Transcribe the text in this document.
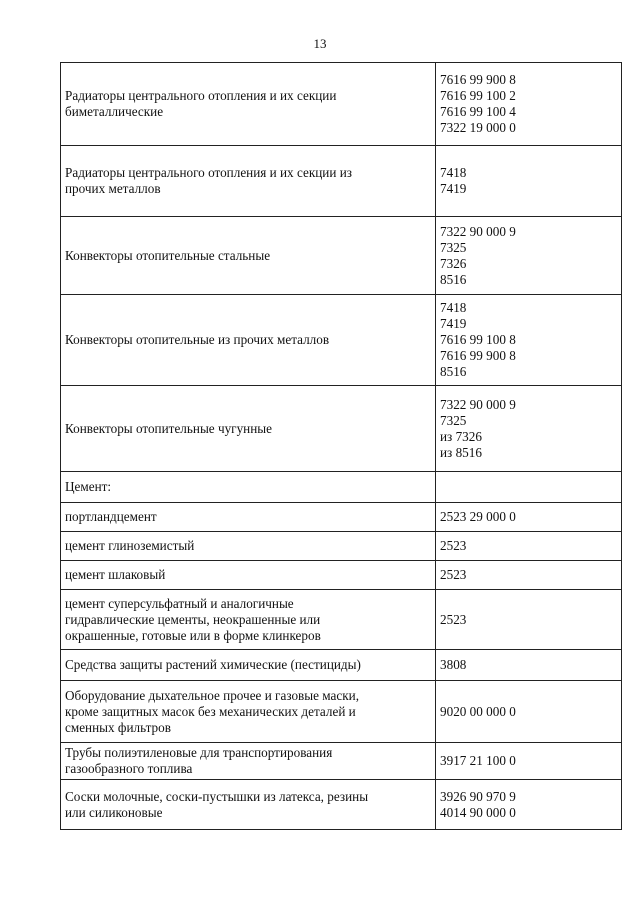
13
Радиаторы центрального отопления и их секции
биметаллические	7616 99 900 8
7616 99 100 2
7616 99 100 4
7322 19 000 0

Радиаторы центрального отопления и их секции из
прочих металлов	7418
7419

Конвекторы отопительные стальные	7322 90 000 9
7325
7326
8516

Конвекторы отопительные из прочих металлов	7418
7419
7616 99 100 8
7616 99 900 8
8516

Конвекторы отопительные чугунные	7322 90 000 9
7325
из 7326
из 8516

Цемент:	

портландцемент	2523 29 000 0

цемент глиноземистый	2523

цемент шлаковый	2523

цемент суперсульфатный и аналогичные
гидравлические цементы, неокрашенные или
окрашенные, готовые или в форме клинкеров	2523

Средства защиты растений химические (пестициды)	3808

Оборудование дыхательное прочее и газовые маски,
кроме защитных масок без механических деталей и
сменных фильтров	9020 00 000 0

Трубы полиэтиленовые для транспортирования
газообразного топлива	3917 21 100 0

Соски молочные, соски-пустышки из латекса, резины
или силиконовые	3926 90 970 9
4014 90 000 0
